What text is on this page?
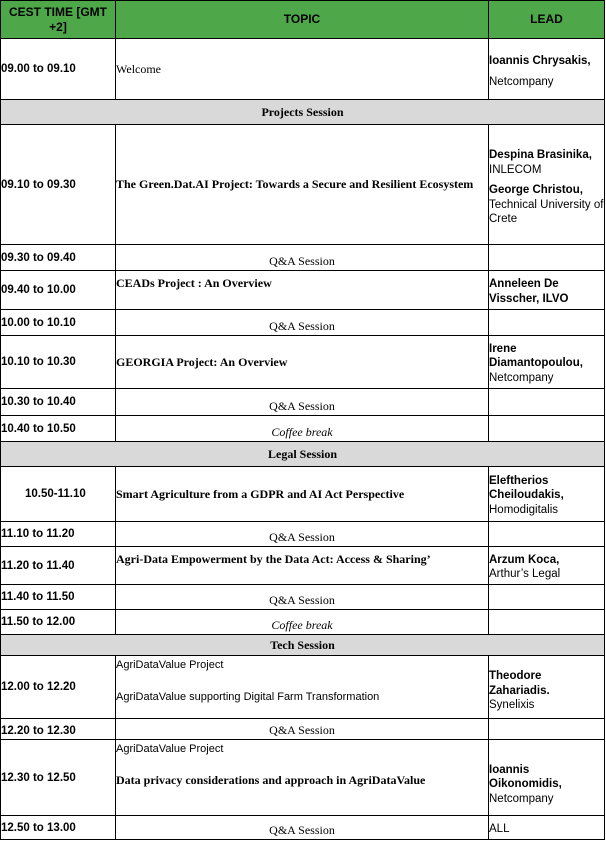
CEST TIME [GMT +2]	TOPIC	LEAD
09.00 to 09.10	Welcome	Ioannis Chrysakis,
Netcompany

Projects Session		
09.10 to 09.30	The Green.Dat.AI Project: Towards a Secure and Resilient Ecosystem	Despina Brasinika,
INLECOM
George Christou,
Technical University of Crete

09.30 to 09.40	Q&A Session	
09.40 to 10.00	CEADs Project : An Overview	Anneleen De Visscher, ILVO

10.00 to 10.10	Q&A Session	
10.10 to 10.30	GEORGIA Project: An Overview	Irene Diamantopoulou,
Netcompany

10.30 to 10.40	Q&A Session	
10.40 to 10.50	Coffee break	
Legal Session		
10.50-11.10	Smart Agriculture from a GDPR and AI Act Perspective	Eleftherios Cheiloudakis,
Homodigitalis

11.10 to 11.20	Q&A Session	
11.20 to 11.40	Agri-Data Empowerment by the Data Act: Access & Sharing’	Arzum Koca,
Arthur’s Legal

11.40 to 11.50	Q&A Session	
11.50 to 12.00	Coffee break	
Tech Session		
12.00 to 12.20	AgriDataValue Project
AgriDataValue supporting Digital Farm Transformation	Theodore Zahariadis.
Synelixis

12.20 to 12.30	Q&A Session	
12.30 to 12.50	AgriDataValue Project
Data privacy considerations and approach in AgriDataValue	Ioannis Oikonomidis,
Netcompany

12.50 to 13.00	Q&A Session	ALL
